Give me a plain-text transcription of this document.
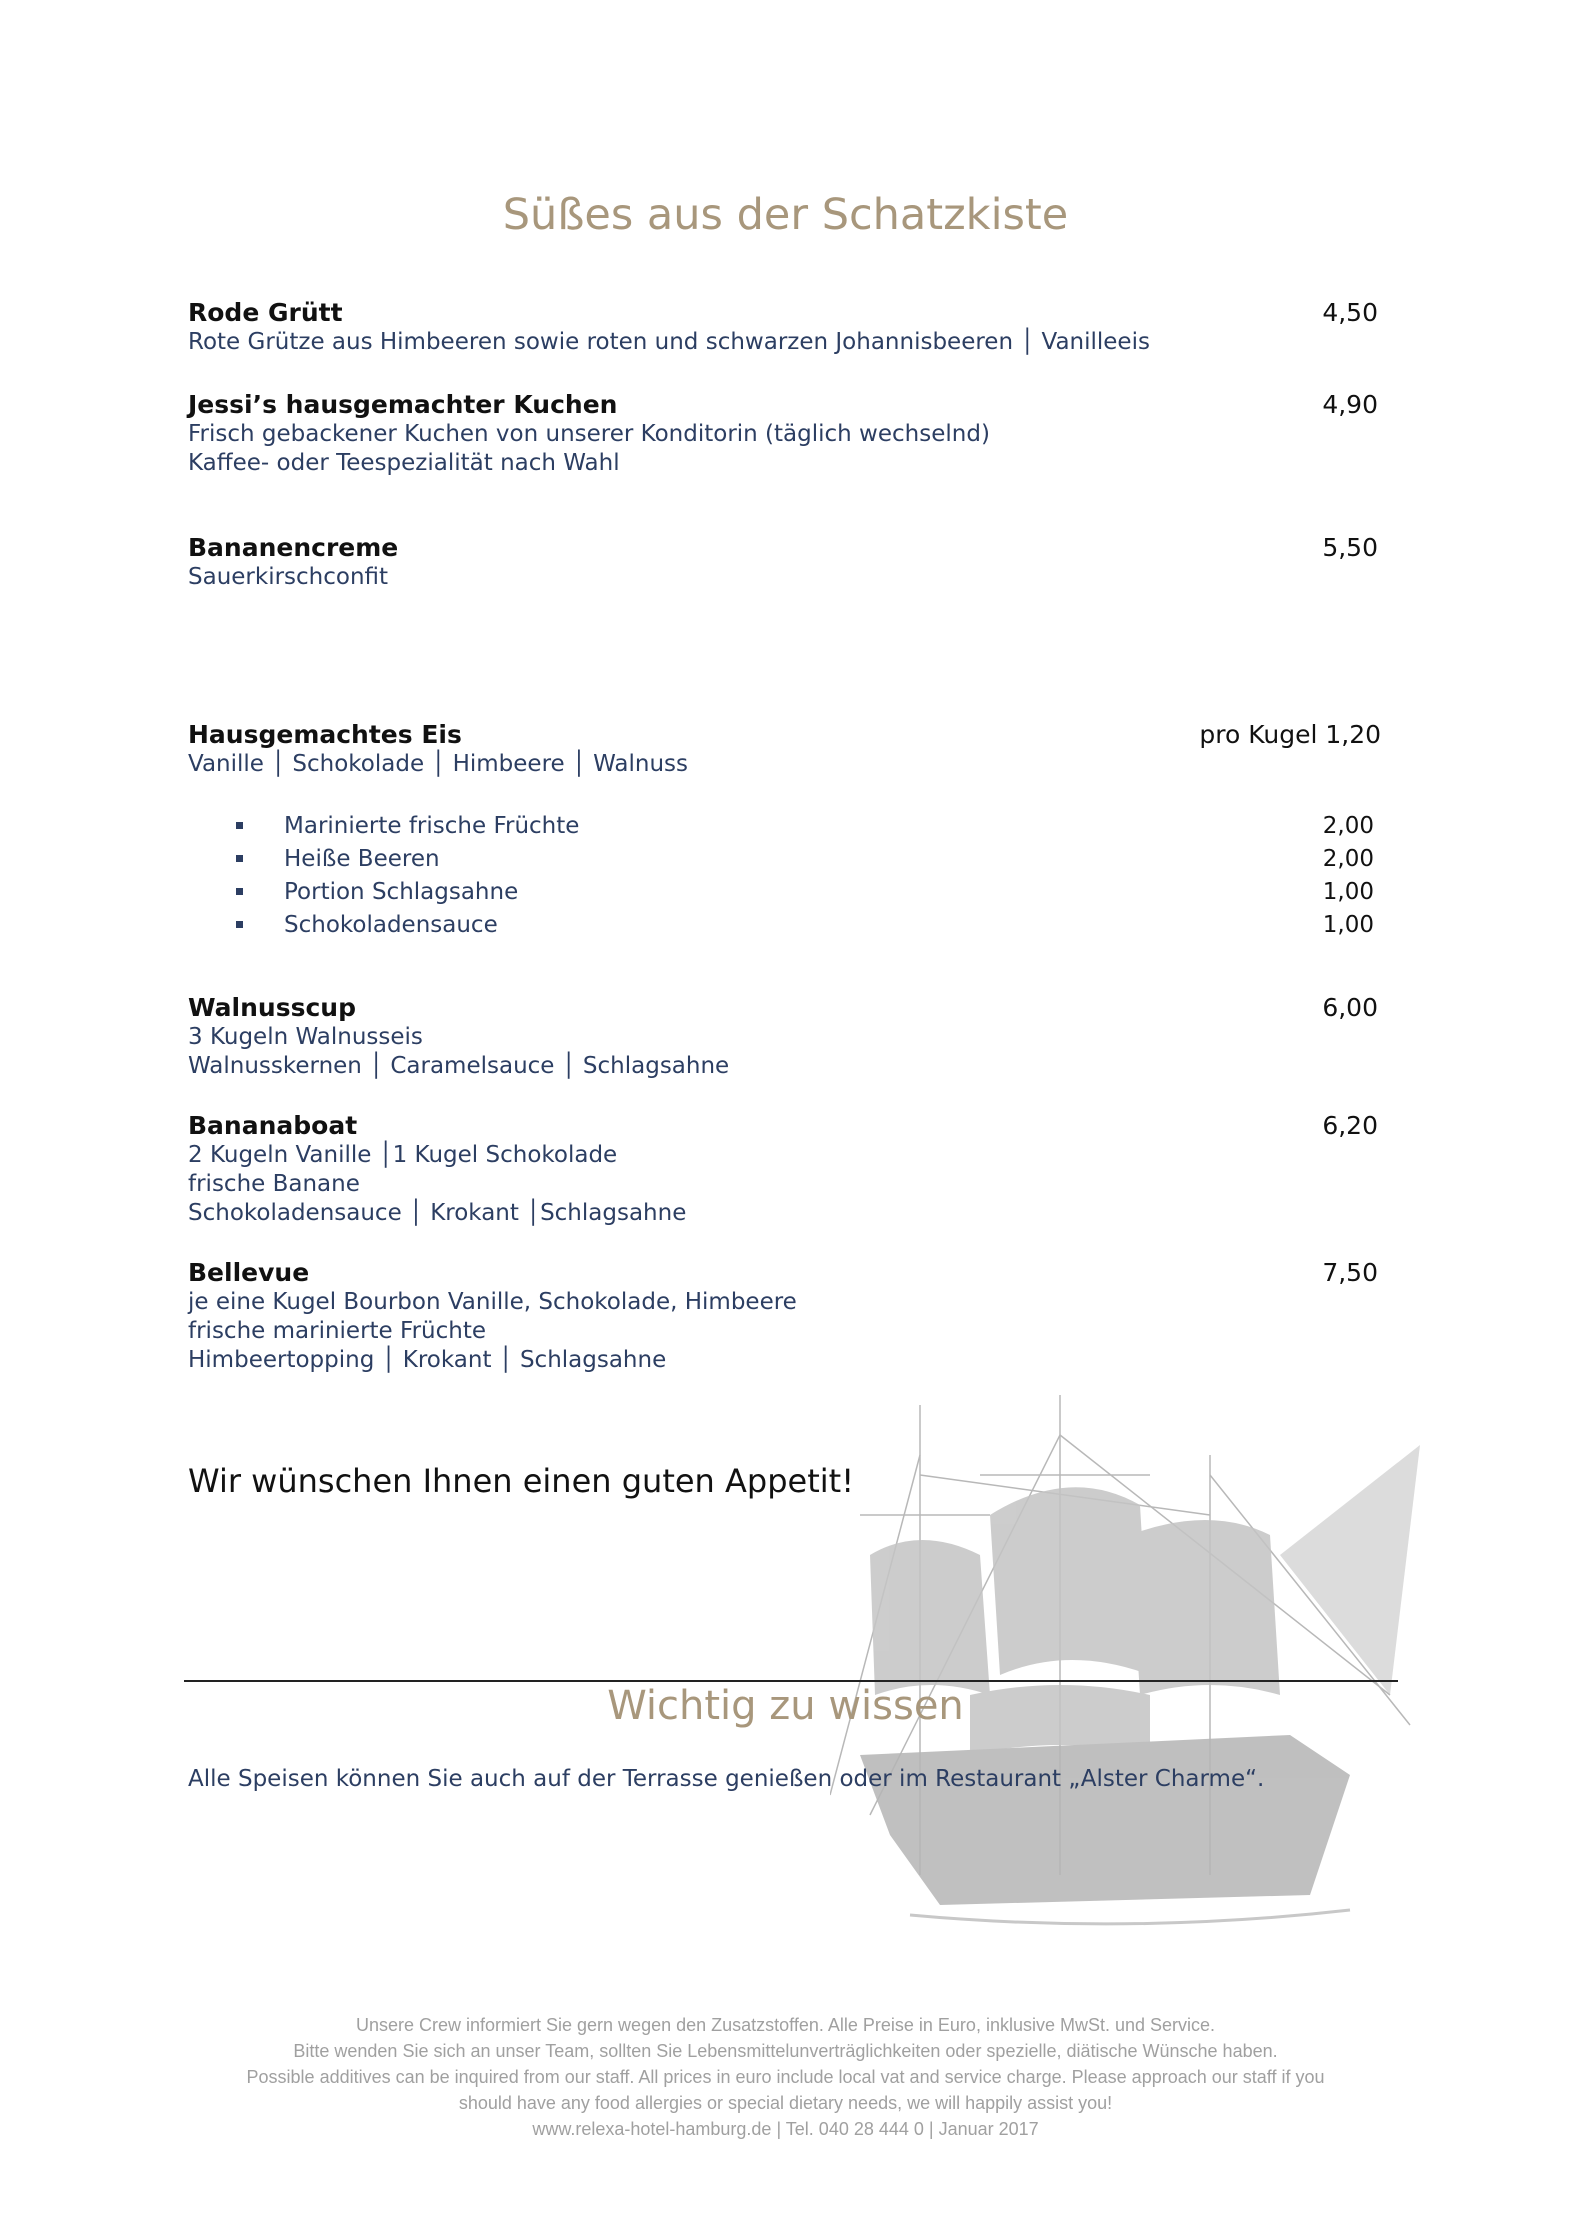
Süßes aus der Schatzkiste
Rode Grütt	4,50
Rote Grütze aus Himbeeren sowie roten und schwarzen Johannisbeeren │ Vanilleeis
Jessi’s hausgemachter Kuchen	4,90
Frisch gebackener Kuchen von unserer Konditorin (täglich wechselnd)
Kaffee- oder Teespezialität nach Wahl
Bananencreme	5,50
Sauerkirschconfit
Hausgemachtes Eis	pro Kugel 1,20
Vanille │ Schokolade │ Himbeere │ Walnuss
Marinierte frische Früchte	2,00
Heiße Beeren	2,00
Portion Schlagsahne	1,00
Schokoladensauce	1,00
Walnusscup	6,00
3 Kugeln Walnusseis
Walnusskernen │ Caramelsauce │ Schlagsahne
Bananaboat	6,20
2 Kugeln Vanille │1 Kugel Schokolade
frische Banane
Schokoladensauce │ Krokant │Schlagsahne
Bellevue	7,50
je eine Kugel Bourbon Vanille, Schokolade, Himbeere
frische marinierte Früchte
Himbeertopping │ Krokant │ Schlagsahne
Wir wünschen Ihnen einen guten Appetit!
Wichtig zu wissen
Alle Speisen können Sie auch auf der Terrasse genießen oder im Restaurant „Alster Charme“.
Unsere Crew informiert Sie gern wegen den Zusatzstoffen. Alle Preise in Euro, inklusive MwSt. und Service.
Bitte wenden Sie sich an unser Team, sollten Sie Lebensmittelunverträglichkeiten oder spezielle, diätische Wünsche haben.
Possible additives can be inquired from our staff. All prices in euro include local vat and service charge. Please approach our staff if you
should have any food allergies or special dietary needs, we will happily assist you!
www.relexa-hotel-hamburg.de | Tel. 040 28 444 0 | Januar 2017
